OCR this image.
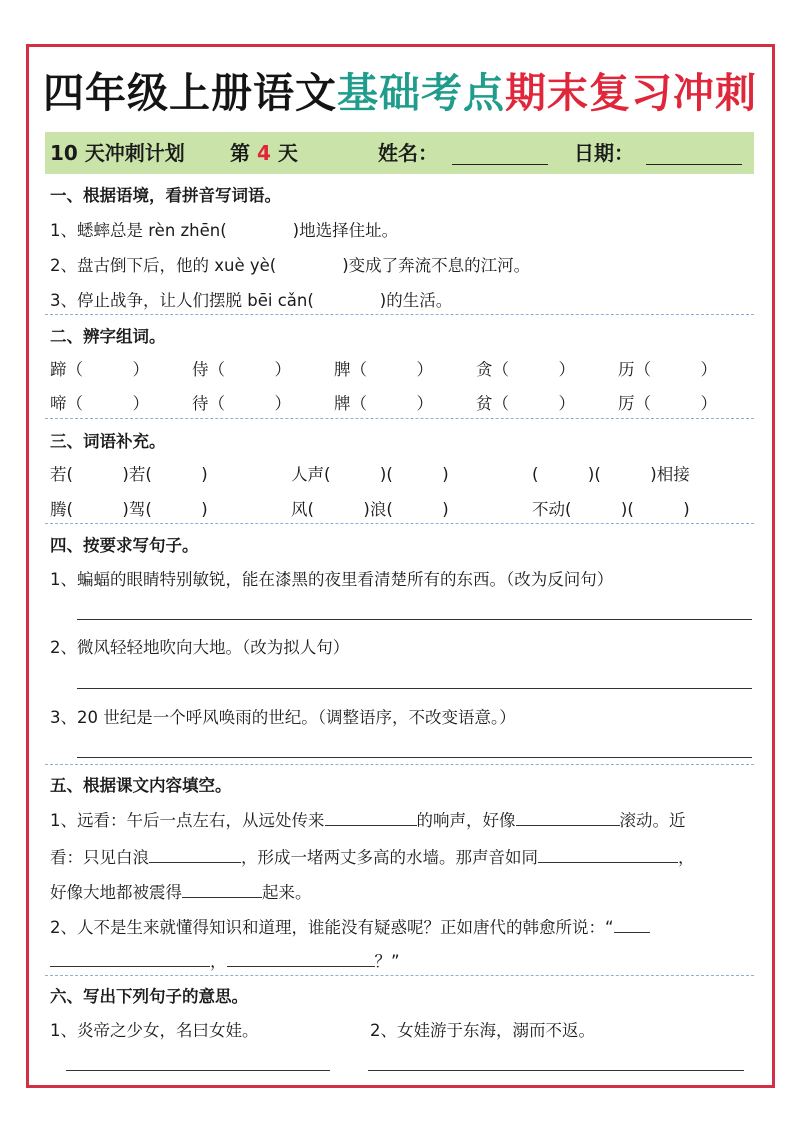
四年级上册语文基础考点期末复习冲刺
10 天冲刺计划 第 4 天	姓名：	日期：
一、根据语境，看拼音写词语。
1、蟋蟀总是 rèn zhēn(　　　　)地选择住址。
2、盘古倒下后，他的 xuè yè(　　　　)变成了奔流不息的江河。
3、停止战争，让人们摆脱 bēi cǎn(　　　　)的生活。
二、辨字组词。
蹄（　　　）	侍（　　　）	脾（　　　）	贪（　　　）	历（　　　）
啼（　　　）	待（　　　）	牌（　　　）	贫（　　　）	厉（　　　）
三、词语补充。
若(　　　)若(　　　)	人声(　　　)(　　　)	(　　　)(　　　)相接
腾(　　　)驾(　　　)	风(　　　)浪(　　　)	不动(　　　)(　　　)
四、按要求写句子。
1、蝙蝠的眼睛特别敏锐，能在漆黑的夜里看清楚所有的东西。（改为反问句）
2、微风轻轻地吹向大地。（改为拟人句）
3、20 世纪是一个呼风唤雨的世纪。（调整语序，不改变语意。）
五、根据课文内容填空。
1、远看：午后一点左右，从远处传来	的响声，好像	滚动。近
看：只见白浪	，形成一堵两丈多高的水墙。那声音如同	，
好像大地都被震得	起来。
2、人不是生来就懂得知识和道理，谁能没有疑惑呢？正如唐代的韩愈所说：“
，	？”
六、写出下列句子的意思。
1、炎帝之少女，名曰女娃。	2、女娃游于东海，溺而不返。
